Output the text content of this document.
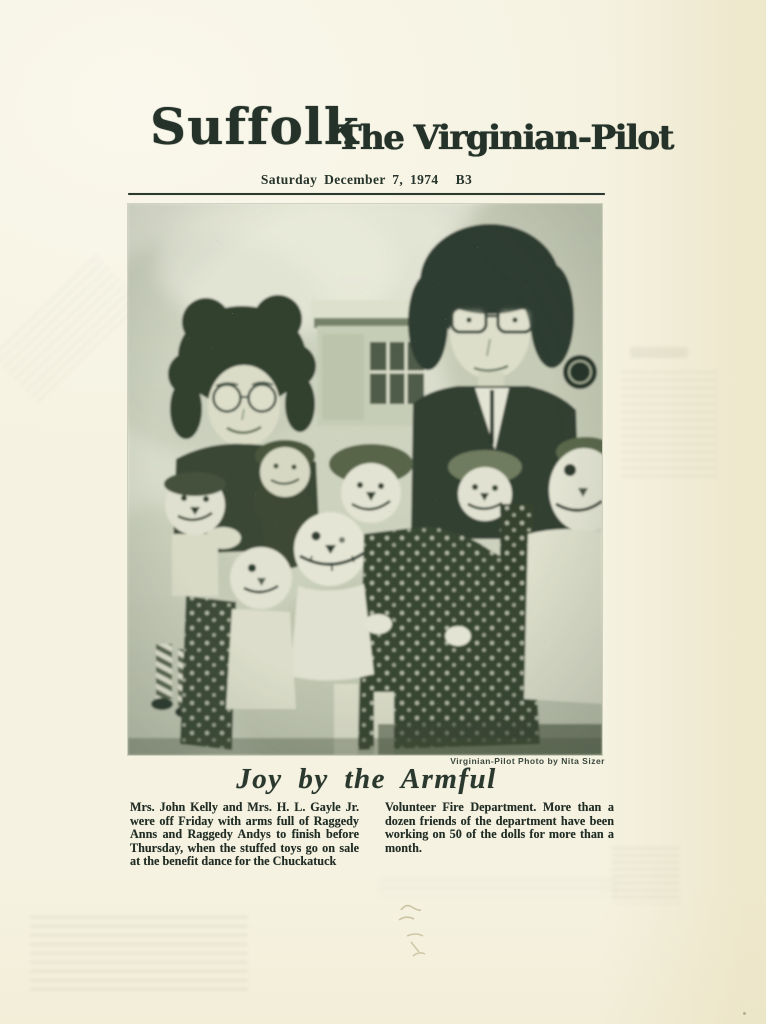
Suffolk
The Virginian-Pilot
Saturday December 7, 1974 B3
Virginian-Pilot Photo by Nita Sizer
Joy by the Armful

Mrs. John Kelly and Mrs. H. L. Gayle Jr. were off Friday with arms full of Raggedy Anns and Raggedy Andys to finish before Thursday, when the stuffed toys go on sale at the benefit dance for the Chuckatuck

Volunteer Fire Department. More than a dozen friends of the department have been working on 50 of the dolls for more than a month.
